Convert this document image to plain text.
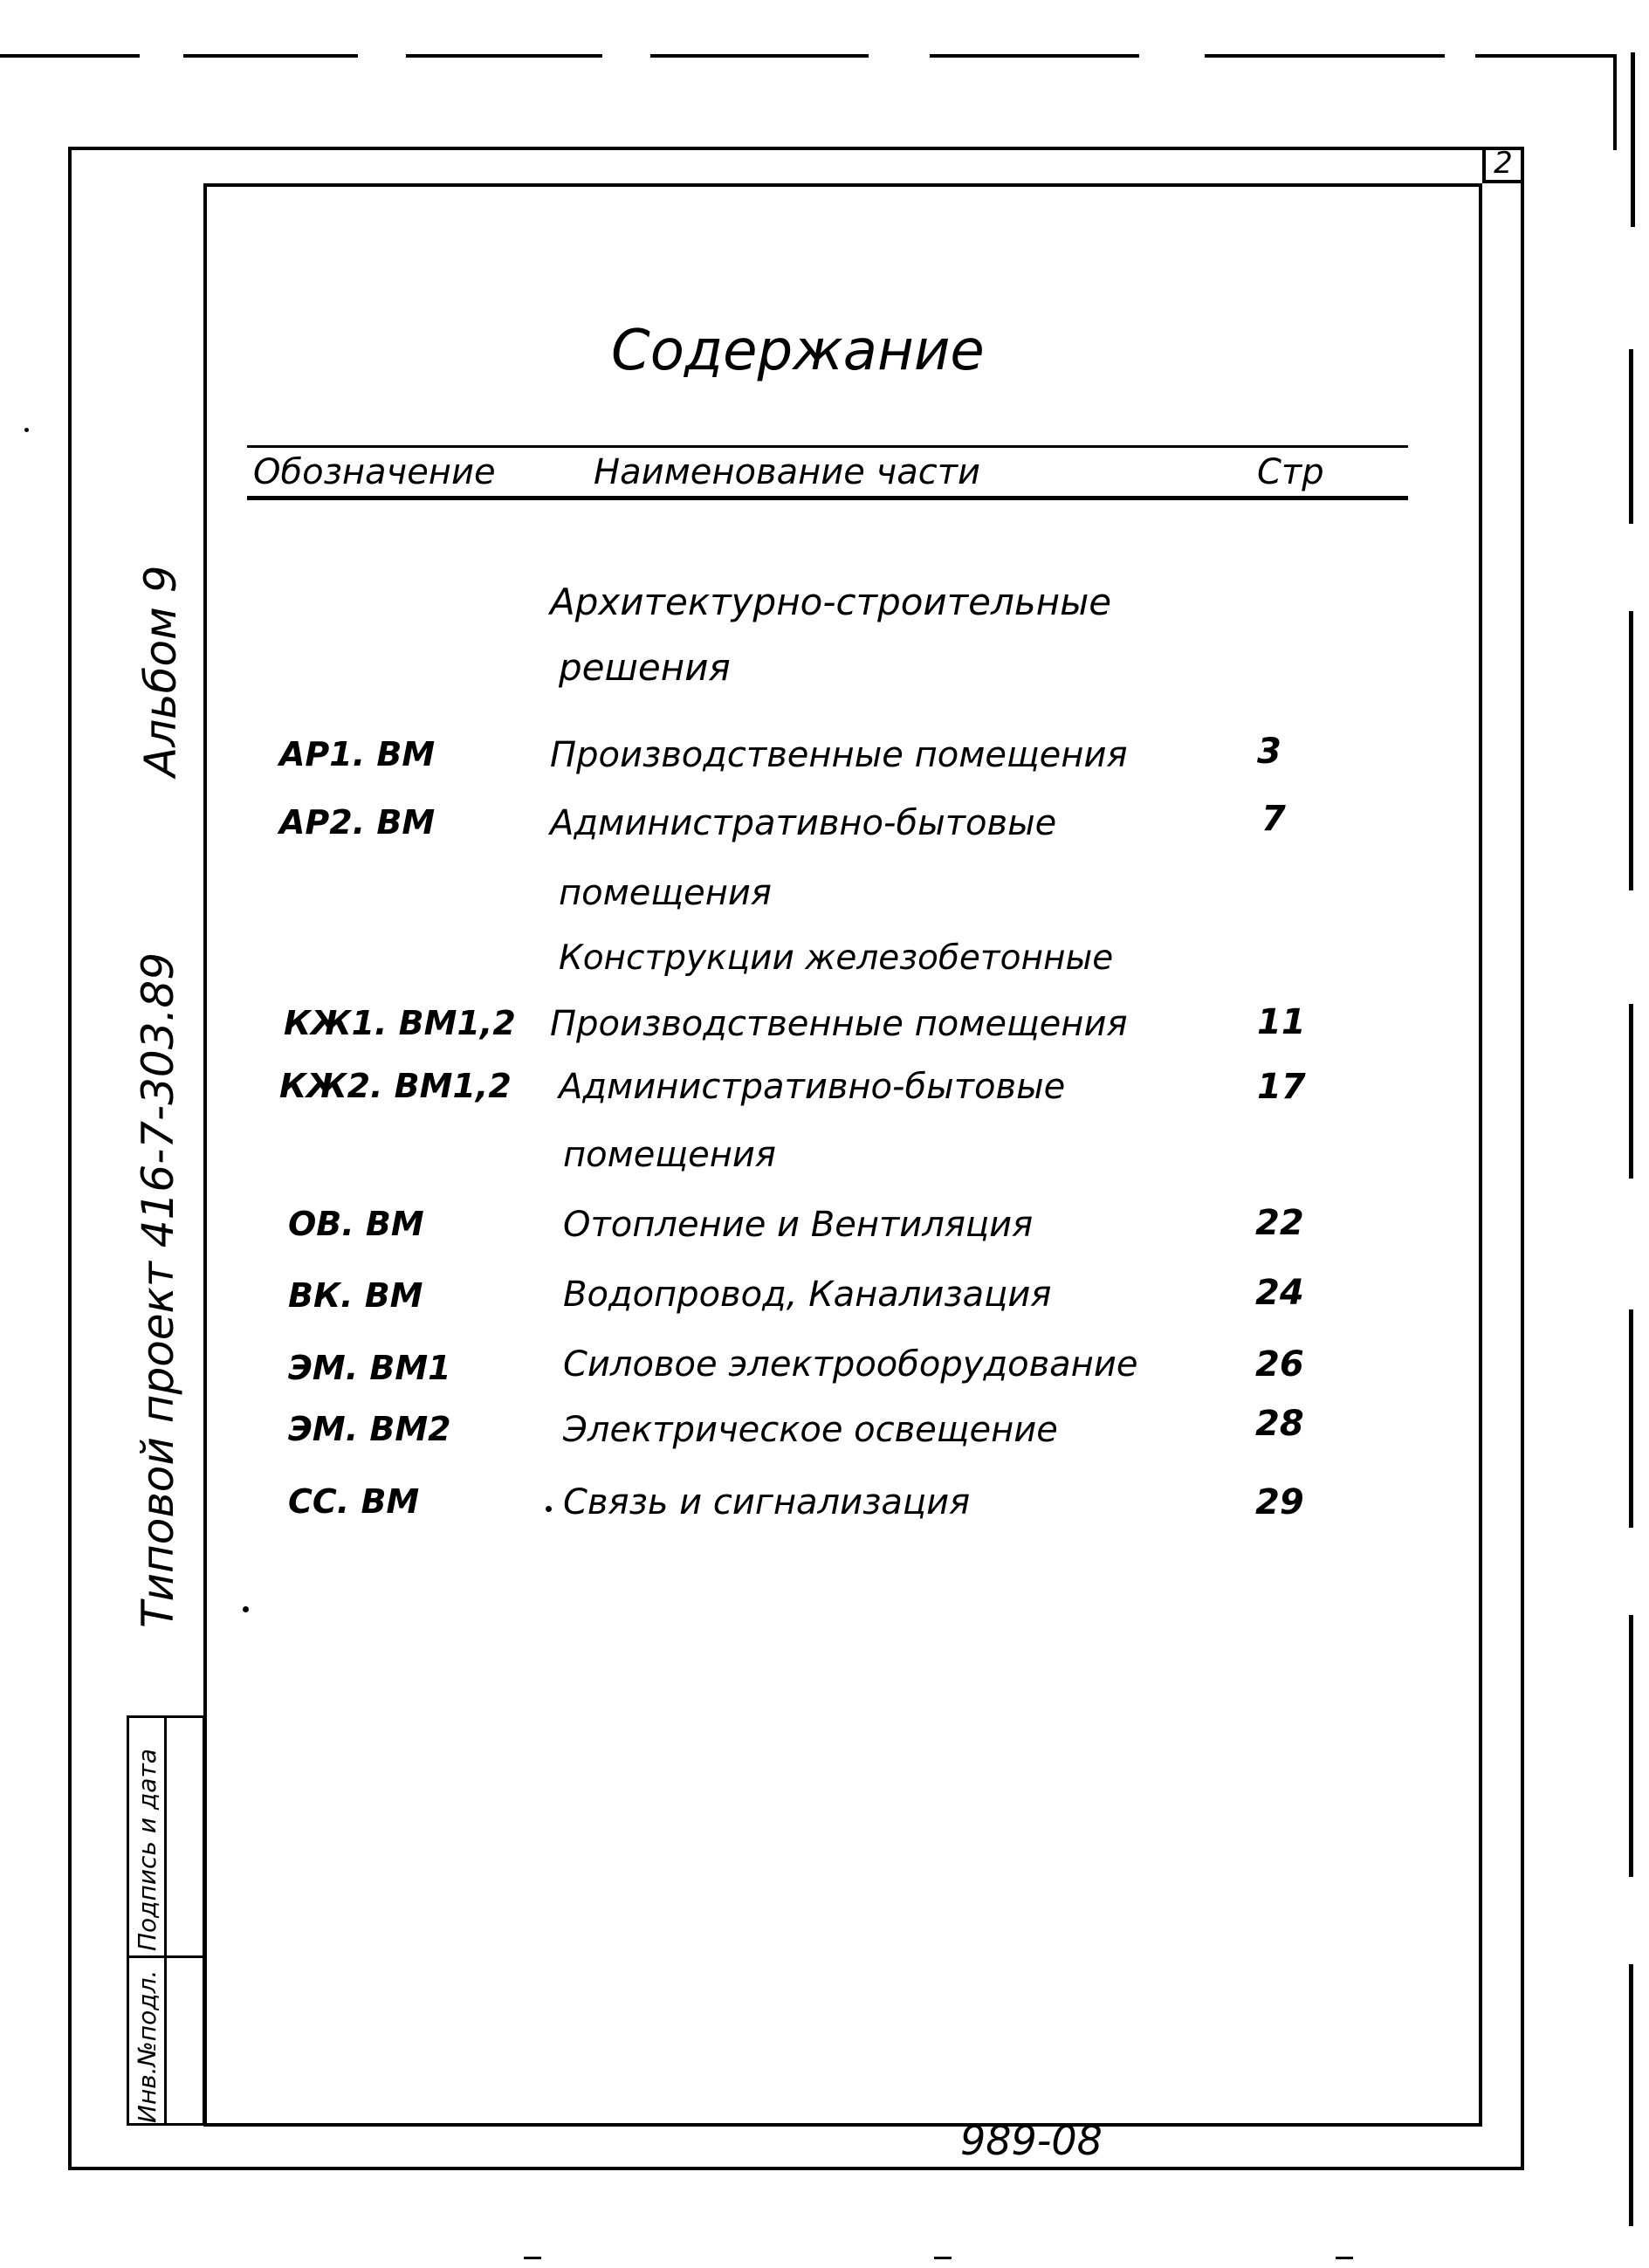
2
Содержание
Обозначение	Наименование части	Стр
Архитектурно-строительные
решения
АР1. ВМ	Производственные помещения	3
АР2. ВМ	Административно-бытовые	7
помещения
Конструкции железобетонные
КЖ1. ВМ1,2 Производственные помещения	11
КЖ2. ВМ1,2 Административно-бытовые	17
помещения
ОВ. ВМ	Отопление и Вентиляция	22
ВК. ВМ	Водопровод, Канализация	24
ЭМ. ВМ1	Силовое электрооборудование	26
ЭМ. ВМ2	Электрическое освещение	28
СС. ВМ	Связь и сигнализация	29
Типовой проект 416-7-303.89
Альбом 9
Инв.№подл.
Подпись и дата
989-08
